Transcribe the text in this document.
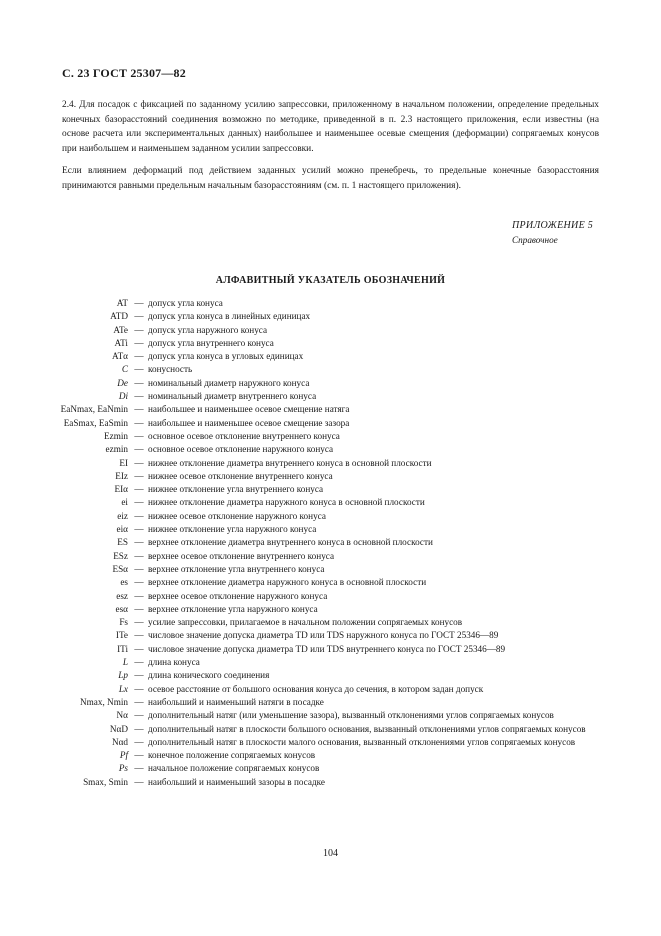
С. 23 ГОСТ 25307—82

2.4. Для посадок с фиксацией по заданному усилию запрессовки, приложенному в начальном положении, определение предельных конечных базорасстояний соединения возможно по методике, приведенной в п. 2.3 настоящего приложения, если известны (на основе расчета или экспериментальных данных) наибольшее и наименьшее осевые смещения (деформации) сопрягаемых конусов при наибольшем и наименьшем заданном усилии запрессовки.

Если влиянием деформаций под действием заданных усилий можно пренебречь, то предельные конечные базорасстояния принимаются равными предельным начальным базорасстояниям (см. п. 1 настоящего приложения).

ПРИЛОЖЕНИЕ 5
Справочное
АЛФАВИТНЫЙ УКАЗАТЕЛЬ ОБОЗНАЧЕНИЙ
AT — допуск угла конуса
ATD — допуск угла конуса в линейных единицах
ATe — допуск угла наружного конуса
ATi — допуск угла внутреннего конуса
ATα — допуск угла конуса в угловых единицах
C — конусность
De — номинальный диаметр наружного конуса
Di — номинальный диаметр внутреннего конуса
EaNmax, EaNmin — наибольшее и наименьшее осевое смещение натяга
EaSmax, EaSmin — наибольшее и наименьшее осевое смещение зазора
Ezmin — основное осевое отклонение внутреннего конуса
ezmin — основное осевое отклонение наружного конуса
EI — нижнее отклонение диаметра внутреннего конуса в основной плоскости
EIz — нижнее осевое отклонение внутреннего конуса
EIα — нижнее отклонение угла внутреннего конуса
ei — нижнее отклонение диаметра наружного конуса в основной плоскости
eiz — нижнее осевое отклонение наружного конуса
eiα — нижнее отклонение угла наружного конуса
ES — верхнее отклонение диаметра внутреннего конуса в основной плоскости
ESz — верхнее осевое отклонение внутреннего конуса
ESα — верхнее отклонение угла внутреннего конуса
es — верхнее отклонение диаметра наружного конуса в основной плоскости
esz — верхнее осевое отклонение наружного конуса
esα — верхнее отклонение угла наружного конуса
Fs — усилие запрессовки, прилагаемое в начальном положении сопрягаемых конусов
ITe — числовое значение допуска диаметра TD или TDS наружного конуса по ГОСТ 25346—89
ITi — числовое значение допуска диаметра TD или TDS внутреннего конуса по ГОСТ 25346—89
L — длина конуса
Lp — длина конического соединения
Lx — осевое расстояние от большого основания конуса до сечения, в котором задан допуск
Nmax, Nmin — наибольший и наименьший натяги в посадке
Nα — дополнительный натяг (или уменьшение зазора), вызванный отклонениями углов сопрягаемых конусов
NαD — дополнительный натяг в плоскости большого основания, вызванный отклонениями углов сопрягаемых конусов
Nαd — дополнительный натяг в плоскости малого основания, вызванный отклонениями углов сопрягаемых конусов
Pf — конечное положение сопрягаемых конусов
Ps — начальное положение сопрягаемых конусов
Smax, Smin — наибольший и наименьший зазоры в посадке
104
